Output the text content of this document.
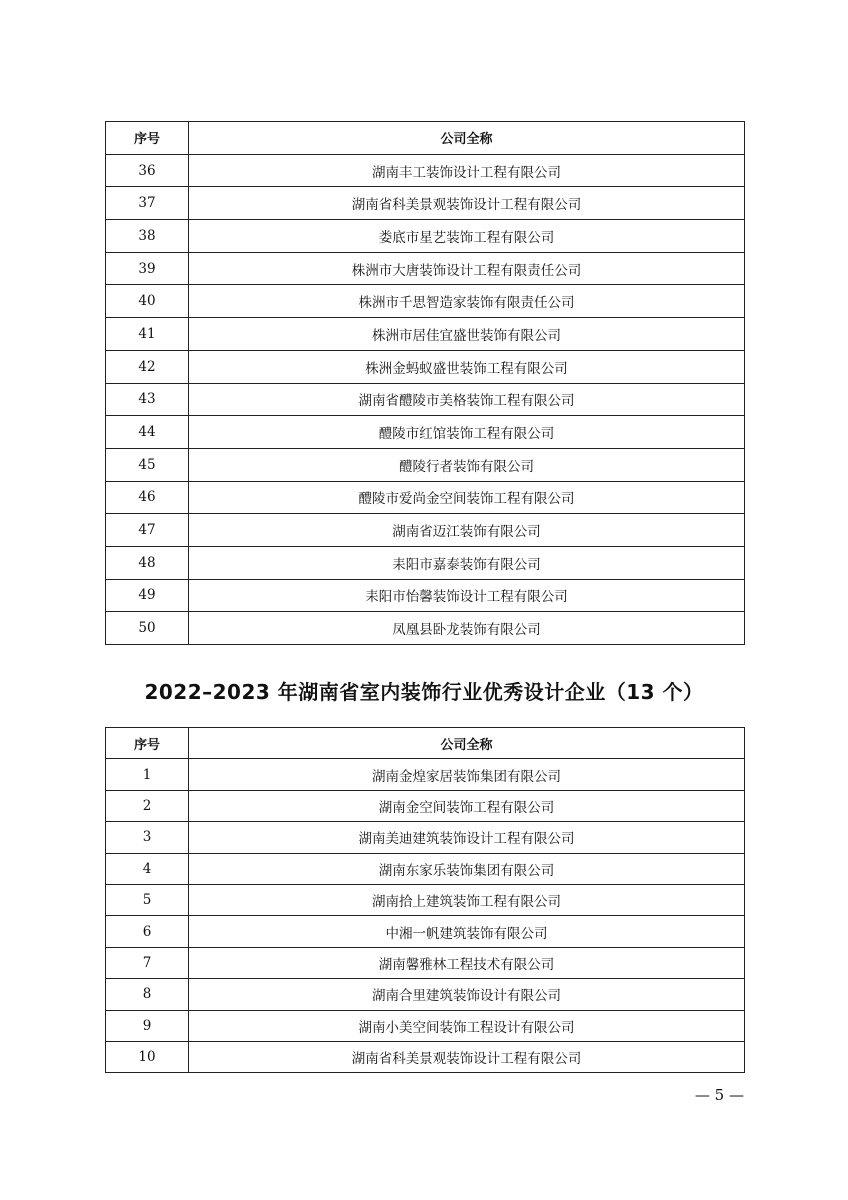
序号	公司全称
36	湖南丰工装饰设计工程有限公司
37	湖南省科美景观装饰设计工程有限公司
38	娄底市星艺装饰工程有限公司
39	株洲市大唐装饰设计工程有限责任公司
40	株洲市千思智造家装饰有限责任公司
41	株洲市居佳宜盛世装饰有限公司
42	株洲金蚂蚁盛世装饰工程有限公司
43	湖南省醴陵市美格装饰工程有限公司
44	醴陵市红馆装饰工程有限公司
45	醴陵行者装饰有限公司
46	醴陵市爱尚金空间装饰工程有限公司
47	湖南省迈江装饰有限公司
48	耒阳市嘉泰装饰有限公司
49	耒阳市怡馨装饰设计工程有限公司
50	凤凰县卧龙装饰有限公司
2022–2023 年湖南省室内装饰行业优秀设计企业（13 个）
序号	公司全称
1	湖南金煌家居装饰集团有限公司
2	湖南金空间装饰工程有限公司
3	湖南美迪建筑装饰设计工程有限公司
4	湖南东家乐装饰集团有限公司
5	湖南拾上建筑装饰工程有限公司
6	中湘一帆建筑装饰有限公司
7	湖南馨雅林工程技术有限公司
8	湖南合里建筑装饰设计有限公司
9	湖南小美空间装饰工程设计有限公司
10	湖南省科美景观装饰设计工程有限公司
— 5 —
